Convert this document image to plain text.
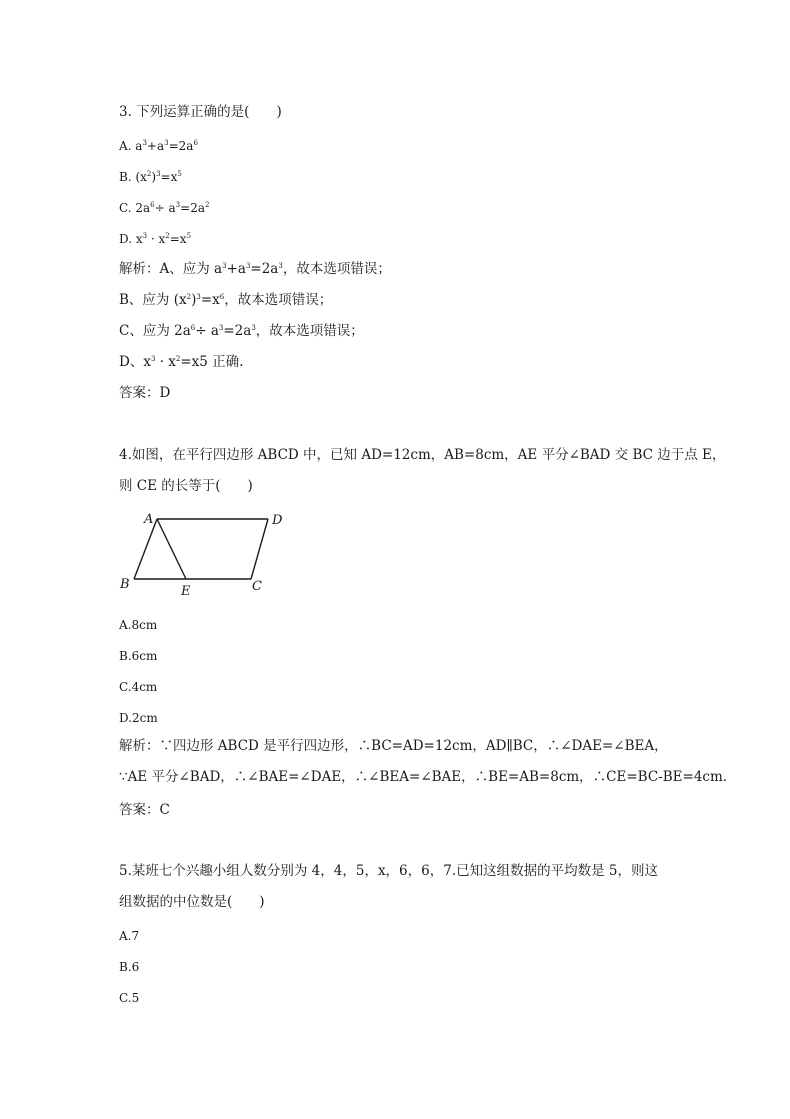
3. 下列运算正确的是(　　)
A. $a^3+a^3=2a^6$
B. $(x^2)^3=x^5$
C. $2a^6\div a^3=2a^2$
D. $x^3 \cdot x^2=x^5$
解析：A、应为 $a^3+a^3=2a^3$，故本选项错误；
B、应为 $(x^2)^3=x^6$，故本选项错误；
C、应为 $2a^6\div a^3=2a^3$，故本选项错误；
D、$x^3 \cdot x^2=x5$ 正确.
答案：D
4.如图，在平行四边形 ABCD 中，已知 AD=12cm，AB=8cm，AE 平分∠BAD 交 BC 边于点 E，
则 CE 的长等于(　　)
A	D
B	E	C
A.8cm
B.6cm
C.4cm
D.2cm
解析：∵四边形 ABCD 是平行四边形，∴BC=AD=12cm，AD∥BC，∴∠DAE=∠BEA，
∵AE 平分∠BAD，∴∠BAE=∠DAE，∴∠BEA=∠BAE，∴BE=AB=8cm，∴CE=BC-BE=4cm.
答案：C
5.某班七个兴趣小组人数分别为 4，4，5，x，6，6，7.已知这组数据的平均数是 5，则这
组数据的中位数是(　　)
A.7
B.6
C.5
